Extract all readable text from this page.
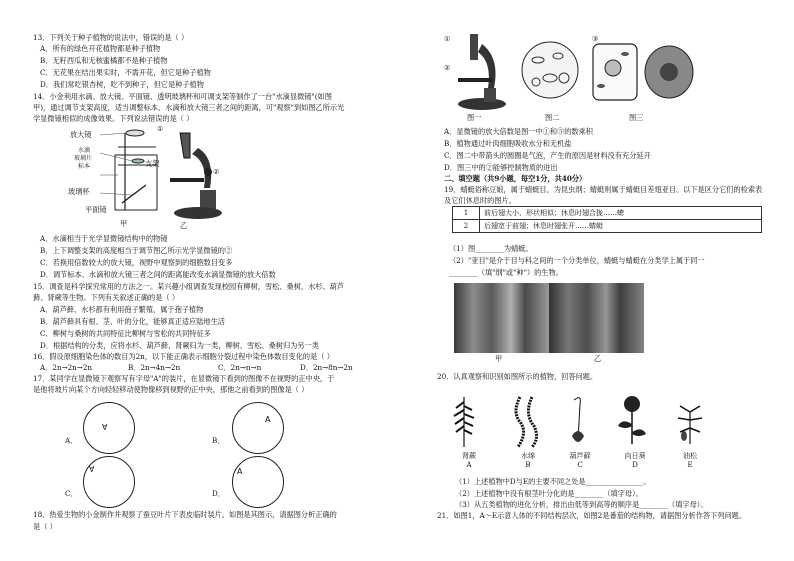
13．下列关于种子植物的说法中，错误的是（ ）
A．所有的绿色开花植物都是种子植物
B．无籽西瓜和无核蜜橘都不是种子植物
C．无花果在结出果实时，不需开花，但它是种子植物
D．我们常吃银杏树，吃不到种子，但它是种子植物
14．小金利用水滴、放大镜、平面镜、透明玻璃杯和可调支架等制作了一台"水滴显微镜"(如图
甲)，通过调节支架高度，适当调整标本、水滴和放大镜三者之间的距离，可"观察"到如图乙所示光
学显微镜相似的成像效果。下列说法错误的是（ ）
放大镜
水滴
玻璃片
标本	支架
玻璃杯
平面镜
甲
①
②
乙
A．水滴相当于光学显微镜结构中的物镜
B．上下调整支架的高度相当于调节图乙所示光学显微镜的②
C．若换用倍数较大的放大镜，视野中观察到的细胞数目变多
D．调节标本、水滴和放大镜三者之间的距离能改变水滴显微镜的放大倍数
15．调查是科学探究常用的方法之一。某兴趣小组调查发现校园有柳树，雪松、桑树、水杉、葫芦
藓、肾蕨等生物。下列有关叙述正确的是（ ）
A．葫芦藓、水杉都有利用孢子繁殖，属于孢子植物
B．葫芦藓具有根、茎、叶的分化，能够真正适应陆地生活
C．柳树与桑树的共同特征比柳树与雪松的共同特征多
D．根据结构的分类，应将水杉、葫芦藓、肾蕨归为一类，柳树、雪松、桑树归为另一类
16．假设原细胞染色体的数目为2n，以下能正确表示细胞分裂过程中染色体数目变化的是（ ）
A．2n→2n→2n	B．2n→4n→2n	C．2n→n→n	D．2n→8n→2n
17．某同学在显微镜下观察写有字母"A"的装片，在显微镜下看到的图像不在视野的正中央，于
是他将玻片向某个方向轻轻移动使物像移到视野的正中央，那他之前看到的图像是（ ）
∀
A．
A
B．
∀
C．
A
D．
18．热爱生物的小金制作并观察了蚕豆叶片下表皮临时装片，如图是其图示，请据图分析正确的
是（ ）
①
②
图一	图二	图三
③
A．显微镜的放大倍数是图一中①和⑤的数乘积
B．植物通过叶肉细胞吸收水分和无机盐
C．图二中带箭头的圆圈是气泡，产生的原因是材料没有充分延开
D．图三中的②能够控制物质的进出
二、填空题（共9小题，每空1分，共40分）
19．蜻蜓俗称豆娘，属于蜻蜓目，为昆虫纲；蜻蜓则属于蜻蜓目差翅亚目。以下是区分它们的检索表
及它们休息时的图片。
1	前后翅大小、形状相似；休息时翅合拢……蟌
2	后翅宽于前翅；休息时翅张开……蜻蜓
（1）图________为蜻蜓。
（2）"亚目"是介于目与科之间的一个分类单位，蜻蜓与蜻蜓在分类学上属于同一
________（填"纲"或"种"）的生物。
甲	乙
20．认真观察和识别如图所示的植物，回答问题。
肾蕨
A
水绵
B
葫芦藓
C
向日葵
D
油松
E
（1）上述植物中D与E的主要不同之处是________________。
（2）上述植物中没有根茎叶分化的是________（填字母）。
（3）从五类植物的进化分析，排出由低等到高等的顺序是________（填字母）。
21．如图1，A～E示意人体的不同结构层次，如图2是番茄的结构物，请据图分析作答下列问题。
